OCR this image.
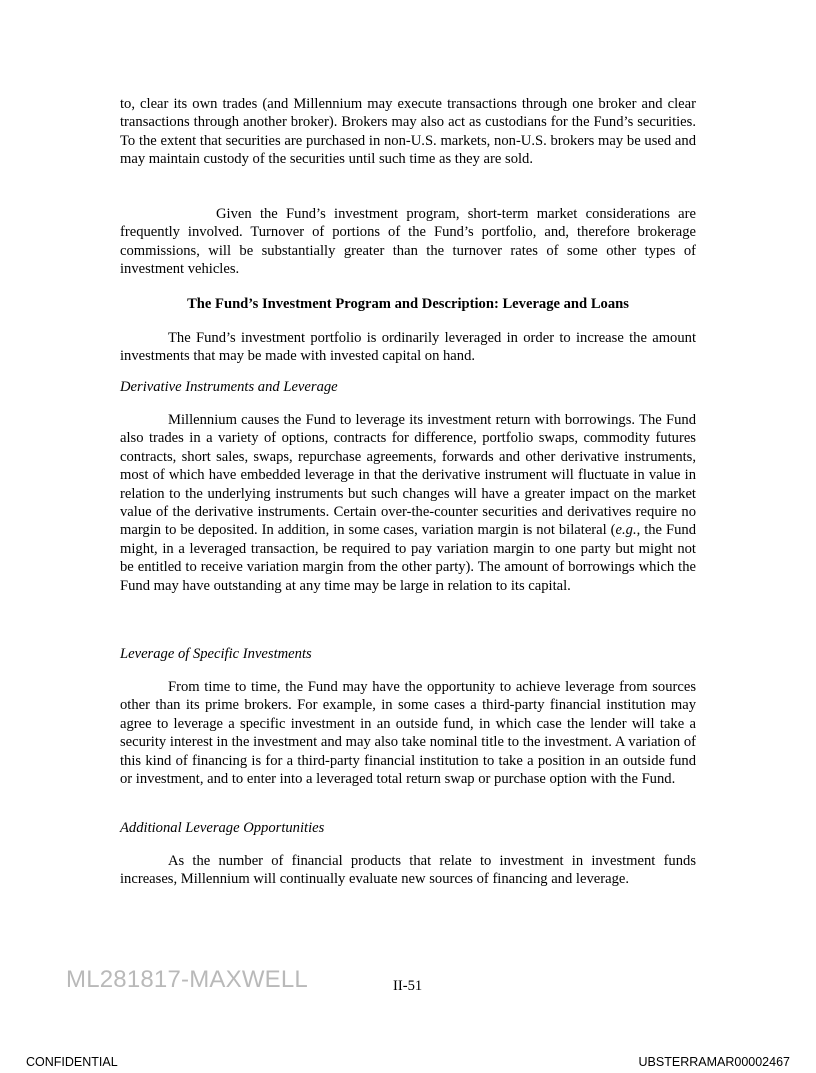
to, clear its own trades (and Millennium may execute transactions through one broker and clear transactions through another broker). Brokers may also act as custodians for the Fund’s securities. To the extent that securities are purchased in non-U.S. markets, non-U.S. brokers may be used and may maintain custody of the securities until such time as they are sold.

Given the Fund’s investment program, short-term market considerations are frequently involved. Turnover of portions of the Fund’s portfolio, and, therefore brokerage commissions, will be substantially greater than the turnover rates of some other types of investment vehicles.

The Fund’s Investment Program and Description: Leverage and Loans

The Fund’s investment portfolio is ordinarily leveraged in order to increase the amount investments that may be made with invested capital on hand.

Derivative Instruments and Leverage

Millennium causes the Fund to leverage its investment return with borrowings. The Fund also trades in a variety of options, contracts for difference, portfolio swaps, commodity futures contracts, short sales, swaps, repurchase agreements, forwards and other derivative instruments, most of which have embedded leverage in that the derivative instrument will fluctuate in value in relation to the underlying instruments but such changes will have a greater impact on the market value of the derivative instruments. Certain over-the-counter securities and derivatives require no margin to be deposited. In addition, in some cases, variation margin is not bilateral (e.g., the Fund might, in a leveraged transaction, be required to pay variation margin to one party but might not be entitled to receive variation margin from the other party). The amount of borrowings which the Fund may have outstanding at any time may be large in relation to its capital.

Leverage of Specific Investments

From time to time, the Fund may have the opportunity to achieve leverage from sources other than its prime brokers. For example, in some cases a third-party financial institution may agree to leverage a specific investment in an outside fund, in which case the lender will take a security interest in the investment and may also take nominal title to the investment. A variation of this kind of financing is for a third-party financial institution to take a position in an outside fund or investment, and to enter into a leveraged total return swap or purchase option with the Fund.

Additional Leverage Opportunities

As the number of financial products that relate to investment in investment funds increases, Millennium will continually evaluate new sources of financing and leverage.

ML281817-MAXWELL	II-51
CONFIDENTIAL	UBSTERRAMAR00002467
